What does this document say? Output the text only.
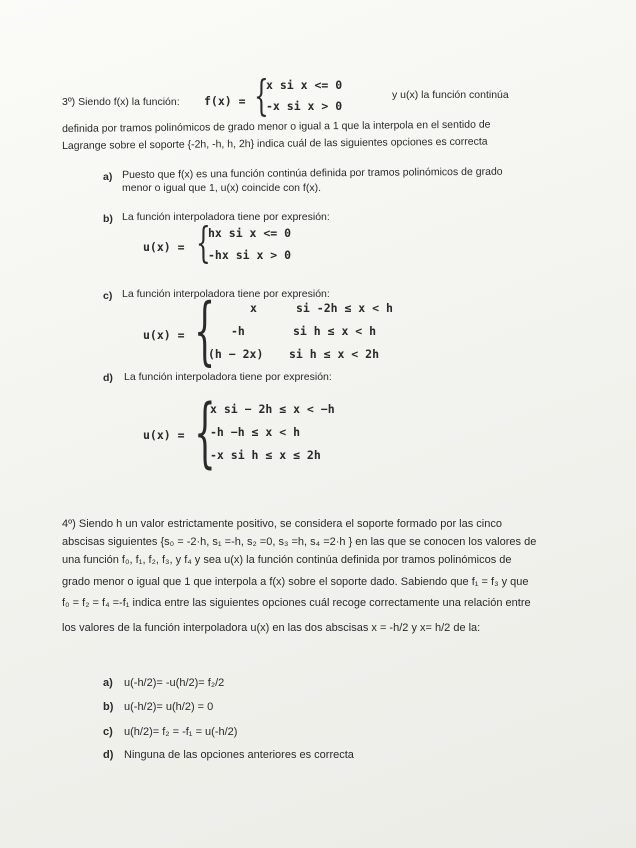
3º) Siendo f(x) la función: f(x) = {
x si x <= 0
-x si x > 0
y u(x) la función continúa
definida por tramos polinómicos de grado menor o igual a 1 que la interpola en el sentido de
Lagrange sobre el soporte {-2h, -h, h, 2h} indica cuál de las siguientes opciones es correcta
a) Puesto que f(x) es una función continúa definida por tramos polinómicos de grado
menor o igual que 1, u(x) coincide con f(x).
b) La función interpoladora tiene por expresión:
u(x) = {
hx si x <= 0
-hx si x > 0
c) La función interpoladora tiene por expresión:
u(x) = {	x	si -2h ≤ x < h
-h	si h ≤ x < h
(h − 2x) si h ≤ x < 2h
d) La función interpoladora tiene por expresión:
u(x) = {
x si − 2h ≤ x < −h
-h −h ≤ x < h
-x si h ≤ x ≤ 2h
4º) Siendo h un valor estrictamente positivo, se considera el soporte formado por las cinco
abscisas siguientes {s₀ = -2·h, s₁ =-h, s₂ =0, s₃ =h, s₄ =2·h } en las que se conocen los valores de
una función f₀, f₁, f₂, f₃, y f₄ y sea u(x) la función continúa definida por tramos polinómicos de
grado menor o igual que 1 que interpola a f(x) sobre el soporte dado. Sabiendo que f₁ = f₃ y que
f₀ = f₂ = f₄ =-f₁ indica entre las siguientes opciones cuál recoge correctamente una relación entre
los valores de la función interpoladora u(x) en las dos abscisas x = -h/2 y x= h/2 de la:
a) u(-h/2)= -u(h/2)= f₂/2
b) u(-h/2)= u(h/2) = 0
c) u(h/2)= f₂ = -f₁ = u(-h/2)
d) Ninguna de las opciones anteriores es correcta
